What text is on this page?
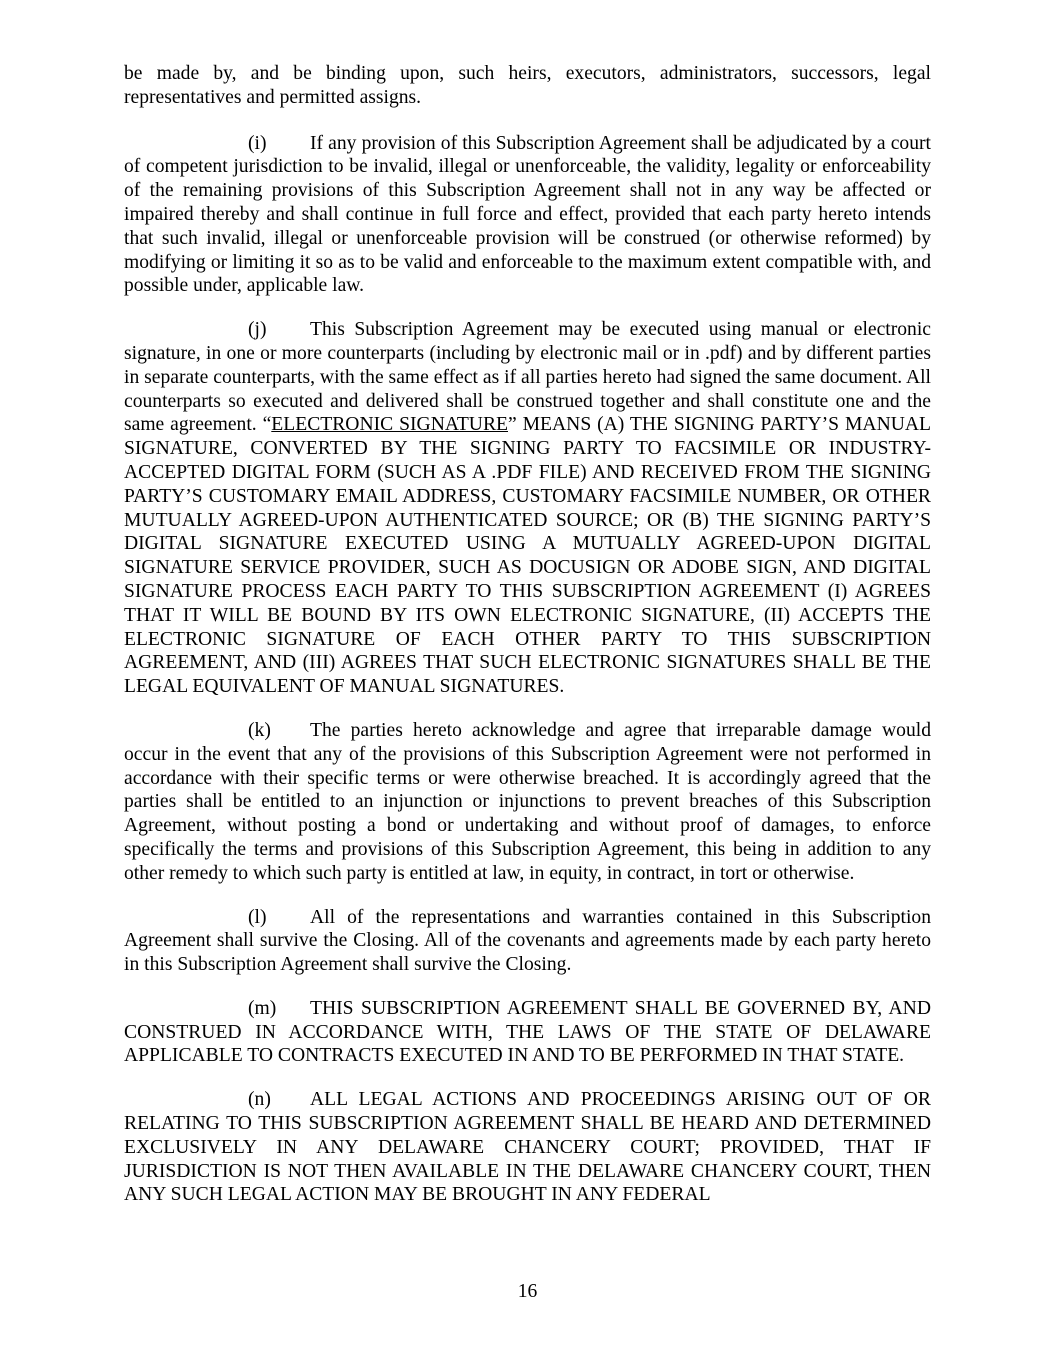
be made by, and be binding upon, such heirs, executors, administrators, successors, legal representatives and permitted assigns.

(i) If any provision of this Subscription Agreement shall be adjudicated by a court of competent jurisdiction to be invalid, illegal or unenforceable, the validity, legality or enforceability of the remaining provisions of this Subscription Agreement shall not in any way be affected or impaired thereby and shall continue in full force and effect, provided that each party hereto intends that such invalid, illegal or unenforceable provision will be construed (or otherwise reformed) by modifying or limiting it so as to be valid and enforceable to the maximum extent compatible with, and possible under, applicable law.

(j) This Subscription Agreement may be executed using manual or electronic signature, in one or more counterparts (including by electronic mail or in .pdf) and by different parties in separate counterparts, with the same effect as if all parties hereto had signed the same document. All counterparts so executed and delivered shall be construed together and shall constitute one and the same agreement. “ELECTRONIC SIGNATURE” MEANS (A) THE SIGNING PARTY’S MANUAL SIGNATURE, CONVERTED BY THE SIGNING PARTY TO FACSIMILE OR INDUSTRY-ACCEPTED DIGITAL FORM (SUCH AS A .PDF FILE) AND RECEIVED FROM THE SIGNING PARTY’S CUSTOMARY EMAIL ADDRESS, CUSTOMARY FACSIMILE NUMBER, OR OTHER MUTUALLY AGREED-UPON AUTHENTICATED SOURCE; OR (B) THE SIGNING PARTY’S DIGITAL SIGNATURE EXECUTED USING A MUTUALLY AGREED-UPON DIGITAL SIGNATURE SERVICE PROVIDER, SUCH AS DOCUSIGN OR ADOBE SIGN, AND DIGITAL SIGNATURE PROCESS EACH PARTY TO THIS SUBSCRIPTION AGREEMENT (I) AGREES THAT IT WILL BE BOUND BY ITS OWN ELECTRONIC SIGNATURE, (II) ACCEPTS THE ELECTRONIC SIGNATURE OF EACH OTHER PARTY TO THIS SUBSCRIPTION AGREEMENT, AND (III) AGREES THAT SUCH ELECTRONIC SIGNATURES SHALL BE THE LEGAL EQUIVALENT OF MANUAL SIGNATURES.

(k) The parties hereto acknowledge and agree that irreparable damage would occur in the event that any of the provisions of this Subscription Agreement were not performed in accordance with their specific terms or were otherwise breached. It is accordingly agreed that the parties shall be entitled to an injunction or injunctions to prevent breaches of this Subscription Agreement, without posting a bond or undertaking and without proof of damages, to enforce specifically the terms and provisions of this Subscription Agreement, this being in addition to any other remedy to which such party is entitled at law, in equity, in contract, in tort or otherwise.

(l) All of the representations and warranties contained in this Subscription Agreement shall survive the Closing. All of the covenants and agreements made by each party hereto in this Subscription Agreement shall survive the Closing.

(m) THIS SUBSCRIPTION AGREEMENT SHALL BE GOVERNED BY, AND CONSTRUED IN ACCORDANCE WITH, THE LAWS OF THE STATE OF DELAWARE APPLICABLE TO CONTRACTS EXECUTED IN AND TO BE PERFORMED IN THAT STATE.

(n) ALL LEGAL ACTIONS AND PROCEEDINGS ARISING OUT OF OR RELATING TO THIS SUBSCRIPTION AGREEMENT SHALL BE HEARD AND DETERMINED EXCLUSIVELY IN ANY DELAWARE CHANCERY COURT; PROVIDED, THAT IF JURISDICTION IS NOT THEN AVAILABLE IN THE DELAWARE CHANCERY COURT, THEN ANY SUCH LEGAL ACTION MAY BE BROUGHT IN ANY FEDERAL

16
